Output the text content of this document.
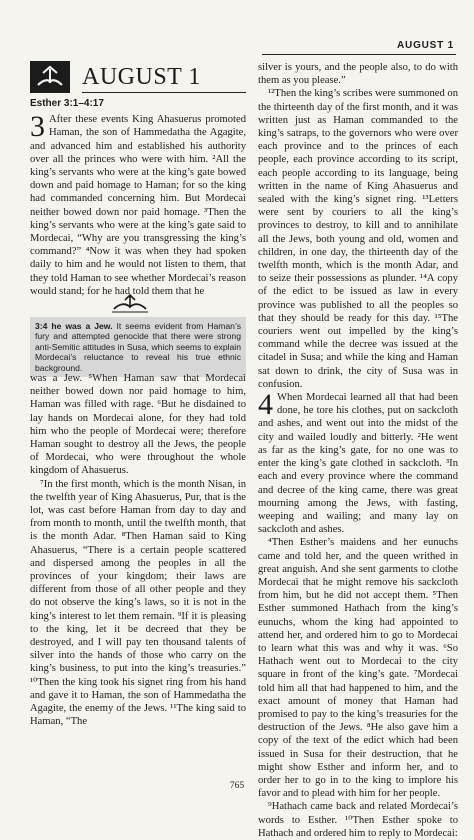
AUGUST 1
AUGUST 1
Esther 3:1–4:17

3 After these events King Ahasuerus promoted Haman, the son of Hammedatha the Agagite, and advanced him and established his authority over all the princes who were with him. ²All the king’s servants who were at the king’s gate bowed down and paid homage to Haman; for so the king had commanded concerning him. But Mordecai neither bowed down nor paid homage. ³Then the king’s servants who were at the king’s gate said to Mordecai, “Why are you transgressing the king’s command?” ⁴Now it was when they had spoken daily to him and he would not listen to them, that they told Haman to see whether Mordecai’s reason would stand; for he had told them that he

3:4 he was a Jew. It seems evident from Haman’s fury and attempted genocide that there were strong anti-Semitic attitudes in Susa, which seems to explain Mordecai’s reluctance to reveal his true ethnic background.

was a Jew. ⁵When Haman saw that Mordecai neither bowed down nor paid homage to him, Haman was filled with rage. ⁶But he disdained to lay hands on Mordecai alone, for they had told him who the people of Mordecai were; therefore Haman sought to destroy all the Jews, the people of Mordecai, who were throughout the whole kingdom of Ahasuerus.

⁷In the first month, which is the month Nisan, in the twelfth year of King Ahasuerus, Pur, that is the lot, was cast before Haman from day to day and from month to month, until the twelfth month, that is the month Adar. ⁸Then Haman said to King Ahasuerus, “There is a certain people scattered and dispersed among the peoples in all the provinces of your kingdom; their laws are different from those of all other people and they do not observe the king’s laws, so it is not in the king’s interest to let them remain. ⁹If it is pleasing to the king, let it be decreed that they be destroyed, and I will pay ten thousand talents of silver into the hands of those who carry on the king’s business, to put into the king’s treasuries.” ¹⁰Then the king took his signet ring from his hand and gave it to Haman, the son of Hammedatha the Agagite, the enemy of the Jews. ¹¹The king said to Haman, “The

silver is yours, and the people also, to do with them as you please.”

¹²Then the king’s scribes were summoned on the thirteenth day of the first month, and it was written just as Haman commanded to the king’s satraps, to the governors who were over each province and to the princes of each people, each province according to its script, each people according to its language, being written in the name of King Ahasuerus and sealed with the king’s signet ring. ¹³Letters were sent by couriers to all the king’s provinces to destroy, to kill and to annihilate all the Jews, both young and old, women and children, in one day, the thirteenth day of the twelfth month, which is the month Adar, and to seize their possessions as plunder. ¹⁴A copy of the edict to be issued as law in every province was published to all the peoples so that they should be ready for this day. ¹⁵The couriers went out impelled by the king’s command while the decree was issued at the citadel in Susa; and while the king and Haman sat down to drink, the city of Susa was in confusion.

4 When Mordecai learned all that had been done, he tore his clothes, put on sackcloth and ashes, and went out into the midst of the city and wailed loudly and bitterly. ²He went as far as the king’s gate, for no one was to enter the king’s gate clothed in sackcloth. ³In each and every province where the command and decree of the king came, there was great mourning among the Jews, with fasting, weeping and wailing; and many lay on sackcloth and ashes.

⁴Then Esther’s maidens and her eunuchs came and told her, and the queen writhed in great anguish. And she sent garments to clothe Mordecai that he might remove his sackcloth from him, but he did not accept them. ⁵Then Esther summoned Hathach from the king’s eunuchs, whom the king had appointed to attend her, and ordered him to go to Mordecai to learn what this was and why it was. ⁶So Hathach went out to Mordecai to the city square in front of the king’s gate. ⁷Mordecai told him all that had happened to him, and the exact amount of money that Haman had promised to pay to the king’s treasuries for the destruction of the Jews. ⁸He also gave him a copy of the text of the edict which had been issued in Susa for their destruction, that he might show Esther and inform her, and to order her to go in to the king to implore his favor and to plead with him for her people.

⁹Hathach came back and related Mordecai’s words to Esther. ¹⁰Then Esther spoke to Hathach and ordered him to reply to Mordecai:

765
